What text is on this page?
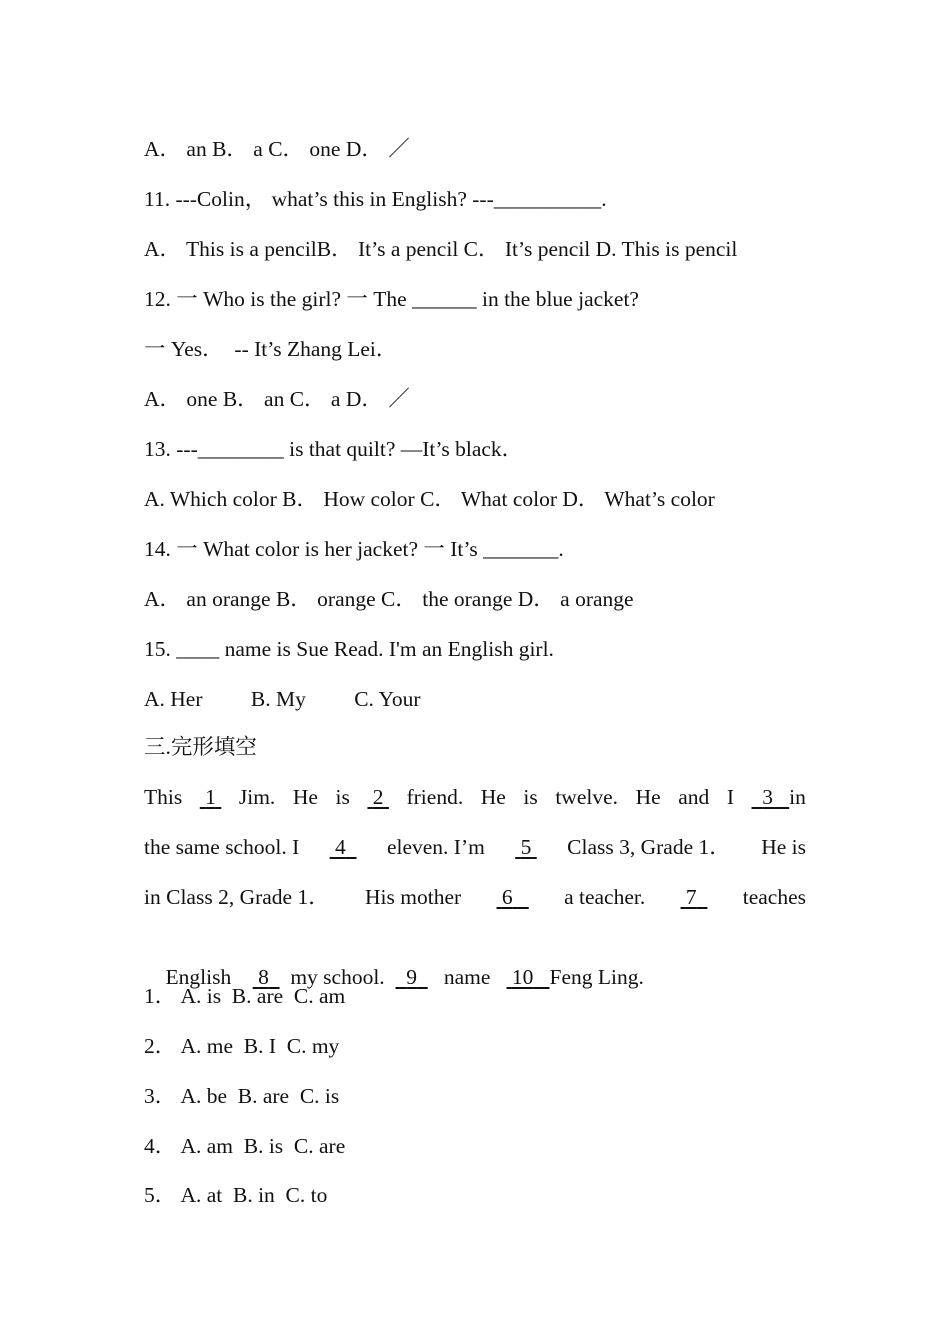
A． an B． a C． one D． ／
11. ---Colin， what’s this in English? ---__________.
A． This is a pencilB． It’s a pencil C． It’s pencil D. This is pencil
12. 一 Who is the girl? 一 The ______ in the blue jacket?
一 Yes．  -- It’s Zhang Lei．
A． one B． an C． a D． ／
13. ---________ is that quilt? —It’s black．
A. Which color B． How color C． What color D． What’s color
14. 一 What color is her jacket? 一 It’s _______.
A． an orange B． orange C． the orange D． a orange
15. ____ name is Sue Read. I'm an English girl.
A. Her         B. My         C. Your
三.完形填空
This 1 Jim. He is 2 friend. He is twelve. He and I	3 in
the same school. I 4	eleven. I’m 5 Class 3, Grade 1． He is
in Class 2, Grade 1． His mother 6	a teacher. 7	teaches

English 8 my school. 9 name 10 Feng Ling.

1． A. is  B. are  C. am
2． A. me  B. I  C. my
3． A. be  B. are  C. is
4． A. am  B. is  C. are
5． A. at  B. in  C. to
